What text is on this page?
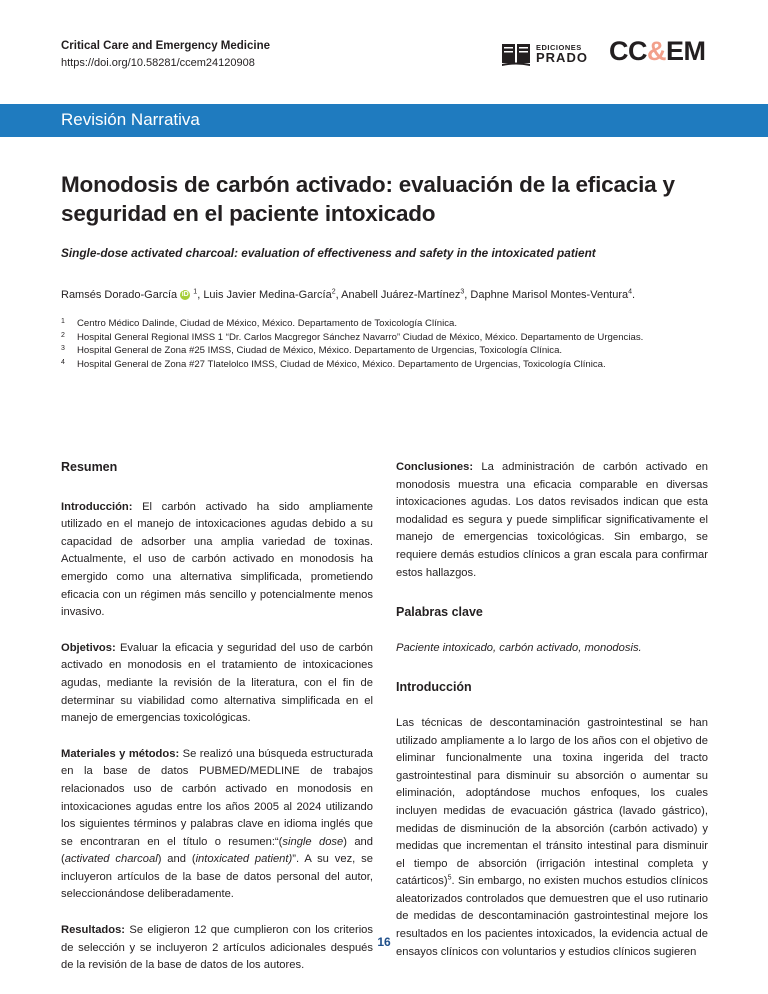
Critical Care and Emergency Medicine
https://doi.org/10.58281/ccem24120908
EDICIONES
PRADO CC&EM
Revisión Narrativa
Monodosis de carbón activado: evaluación de la eficacia y seguridad en el paciente intoxicado
Single-dose activated charcoal: evaluation of effectiveness and safety in the intoxicated patient
Ramsés Dorado-García iD $^1$, Luis Javier Medina-García$^2$, Anabell Juárez-Martínez$^3$, Daphne Marisol Montes-Ventura$^4$.
1	Centro Médico Dalinde, Ciudad de México, México. Departamento de Toxicología Clínica.
2	Hospital General Regional IMSS 1 “Dr. Carlos Macgregor Sánchez Navarro” Ciudad de México, México. Departamento de Urgencias.
3	Hospital General de Zona #25 IMSS, Ciudad de México, México. Departamento de Urgencias, Toxicología Clínica.
4	Hospital General de Zona #27 Tlatelolco IMSS, Ciudad de México, México. Departamento de Urgencias, Toxicología Clínica.
Resumen

Introducción: El carbón activado ha sido ampliamente utilizado en el manejo de intoxicaciones agudas debido a su capacidad de adsorber una amplia variedad de toxinas. Actualmente, el uso de carbón activado en monodosis ha emergido como una alternativa simplificada, prometiendo eficacia con un régimen más sencillo y potencialmente menos invasivo.

Objetivos: Evaluar la eficacia y seguridad del uso de carbón activado en monodosis en el tratamiento de intoxicaciones agudas, mediante la revisión de la literatura, con el fin de determinar su viabilidad como alternativa simplificada en el manejo de emergencias toxicológicas.

Materiales y métodos: Se realizó una búsqueda estructurada en la base de datos PUBMED/MEDLINE de trabajos relacionados uso de carbón activado en monodosis en intoxicaciones agudas entre los años 2005 al 2024 utilizando los siguientes términos y palabras clave en idioma inglés que se encontraran en el título o resumen:“(single dose) and (activated charcoal) and (intoxicated patient)”. A su vez, se incluyeron artículos de la base de datos personal del autor, seleccionándose deliberadamente.

Resultados: Se eligieron 12 que cumplieron con los criterios de selección y se incluyeron 2 artículos adicionales después de la revisión de la base de datos de los autores.

Conclusiones: La administración de carbón activado en monodosis muestra una eficacia comparable en diversas intoxicaciones agudas. Los datos revisados indican que esta modalidad es segura y puede simplificar significativamente el manejo de emergencias toxicológicas. Sin embargo, se requiere demás estudios clínicos a gran escala para confirmar estos hallazgos.

Palabras clave

Paciente intoxicado, carbón activado, monodosis.

Introducción

Las técnicas de descontaminación gastrointestinal se han utilizado ampliamente a lo largo de los años con el objetivo de eliminar funcionalmente una toxina ingerida del tracto gastrointestinal para disminuir su absorción o aumentar su eliminación, adoptándose muchos enfoques, los cuales incluyen medidas de evacuación gástrica (lavado gástrico), medidas de disminución de la absorción (carbón activado) y medidas que incrementan el tránsito intestinal para disminuir el tiempo de absorción (irrigación intestinal completa y catárticos)$^5$. Sin embargo, no existen muchos estudios clínicos aleatorizados controlados que demuestren que el uso rutinario de medidas de descontaminación gastrointestinal mejore los resultados en los pacientes intoxicados, la evidencia actual de ensayos clínicos con voluntarios y estudios clínicos sugieren

16
